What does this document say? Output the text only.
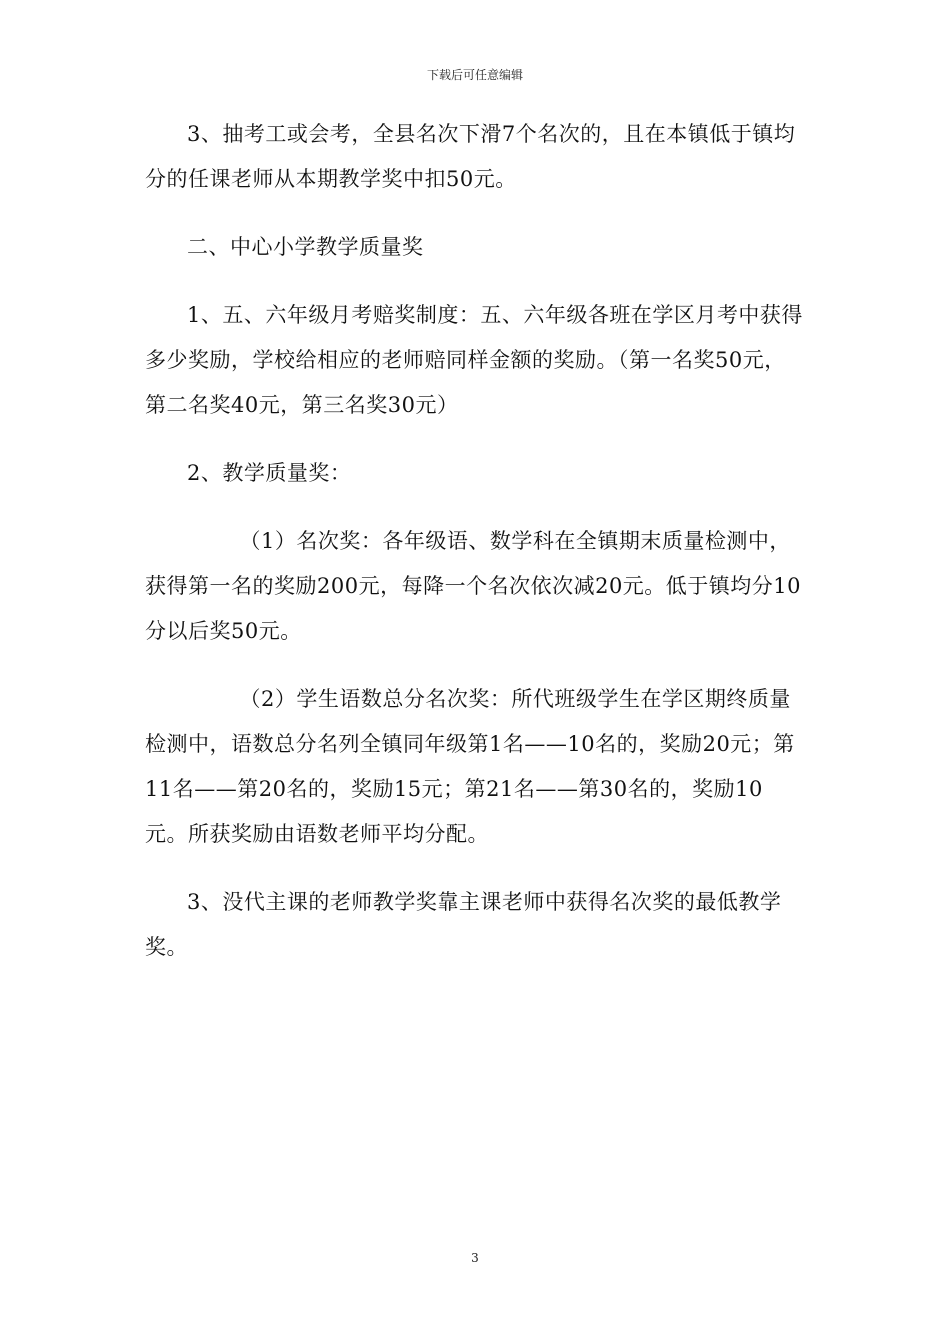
下载后可任意编辑

3、抽考工或会考，全县名次下滑7个名次的，且在本镇低于镇均分的任课老师从本期教学奖中扣50元。

二、中心小学教学质量奖

1、五、六年级月考赔奖制度：五、六年级各班在学区月考中获得多少奖励，学校给相应的老师赔同样金额的奖励。（第一名奖50元，第二名奖40元，第三名奖30元）

2、教学质量奖：

（1）名次奖：各年级语、数学科在全镇期末质量检测中，获得第一名的奖励200元，每降一个名次依次减20元。低于镇均分10分以后奖50元。

（2）学生语数总分名次奖：所代班级学生在学区期终质量检测中，语数总分名列全镇同年级第1名——10名的，奖励20元；第11名——第20名的，奖励15元；第21名——第30名的，奖励10元。所获奖励由语数老师平均分配。

3、没代主课的老师教学奖靠主课老师中获得名次奖的最低教学奖。

3
